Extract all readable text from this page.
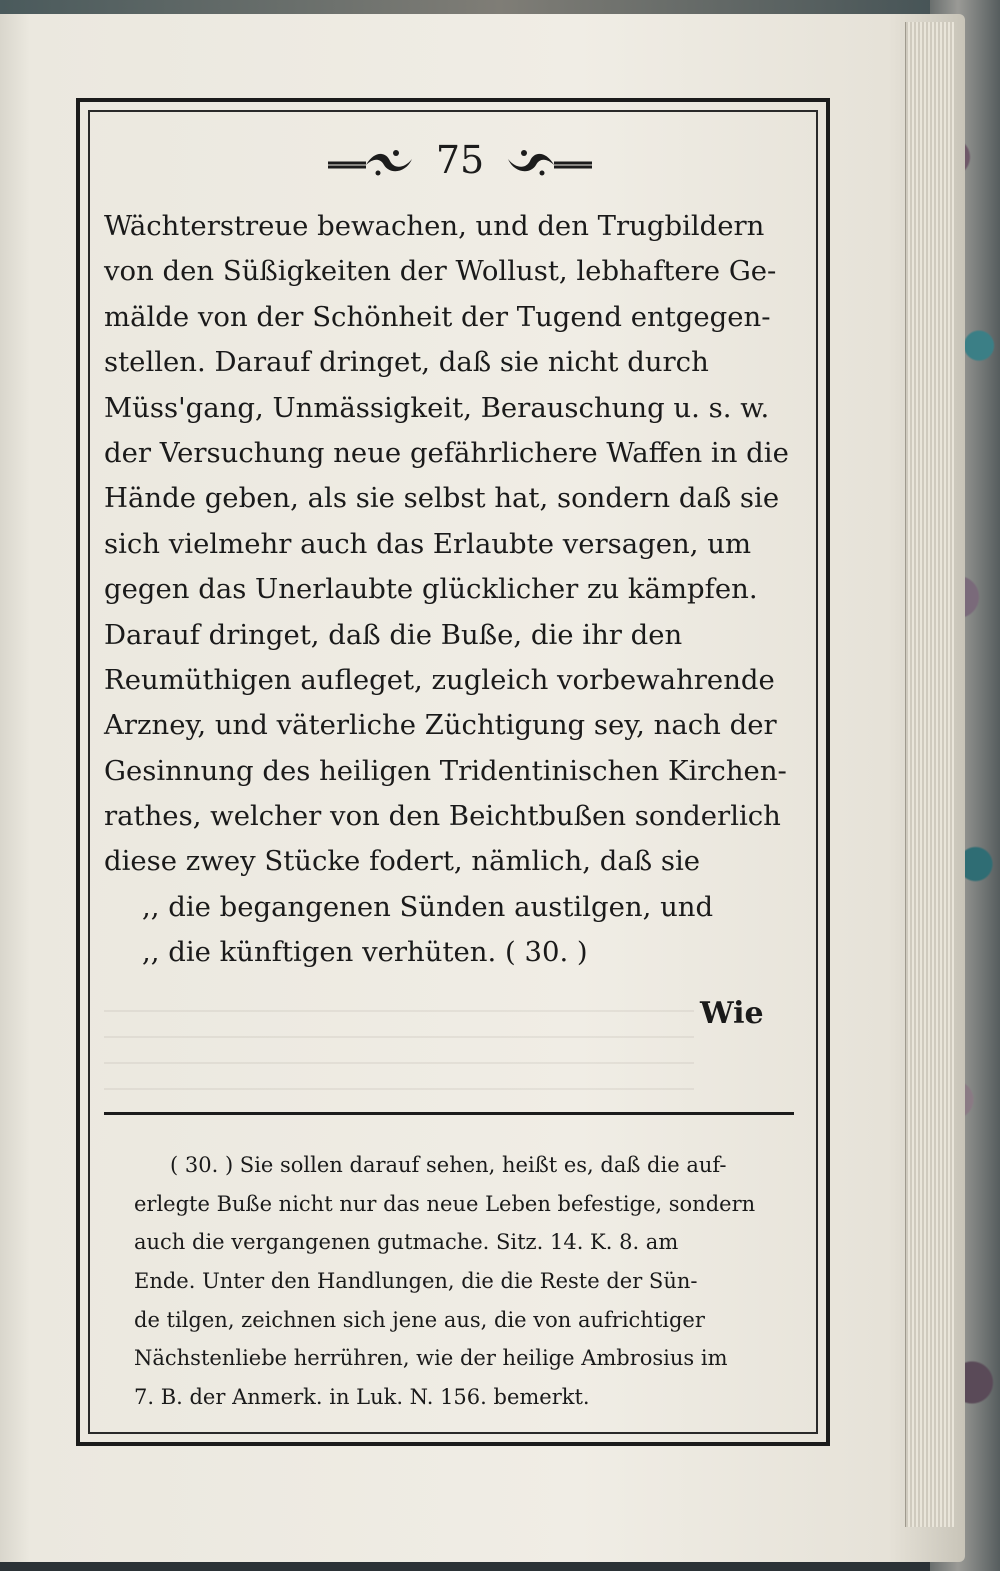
75
Wächterstreue bewachen, und den Trugbildern
von den Süßigkeiten der Wollust, lebhaftere Ge-
mälde von der Schönheit der Tugend entgegen-
stellen. Darauf dringet, daß sie nicht durch
Müss'gang, Unmässigkeit, Berauschung u. s. w.
der Versuchung neue gefährlichere Waffen in die
Hände geben, als sie selbst hat, sondern daß sie
sich vielmehr auch das Erlaubte versagen, um
gegen das Unerlaubte glücklicher zu kämpfen.
Darauf dringet, daß die Buße, die ihr den
Reumüthigen aufleget, zugleich vorbewahrende
Arzney, und väterliche Züchtigung sey, nach der
Gesinnung des heiligen Tridentinischen Kirchen-
rathes, welcher von den Beichtbußen sonderlich
diese zwey Stücke fodert, nämlich, daß sie
,, die begangenen Sünden austilgen, und
,, die künftigen verhüten. ( 30. )
Wie
( 30. ) Sie sollen darauf sehen, heißt es, daß die auf-
erlegte Buße nicht nur das neue Leben befestige, sondern
auch die vergangenen gutmache. Sitz. 14. K. 8. am
Ende. Unter den Handlungen, die die Reste der Sün-
de tilgen, zeichnen sich jene aus, die von aufrichtiger
Nächstenliebe herrühren, wie der heilige Ambrosius im
7. B. der Anmerk. in Luk. N. 156. bemerkt.
